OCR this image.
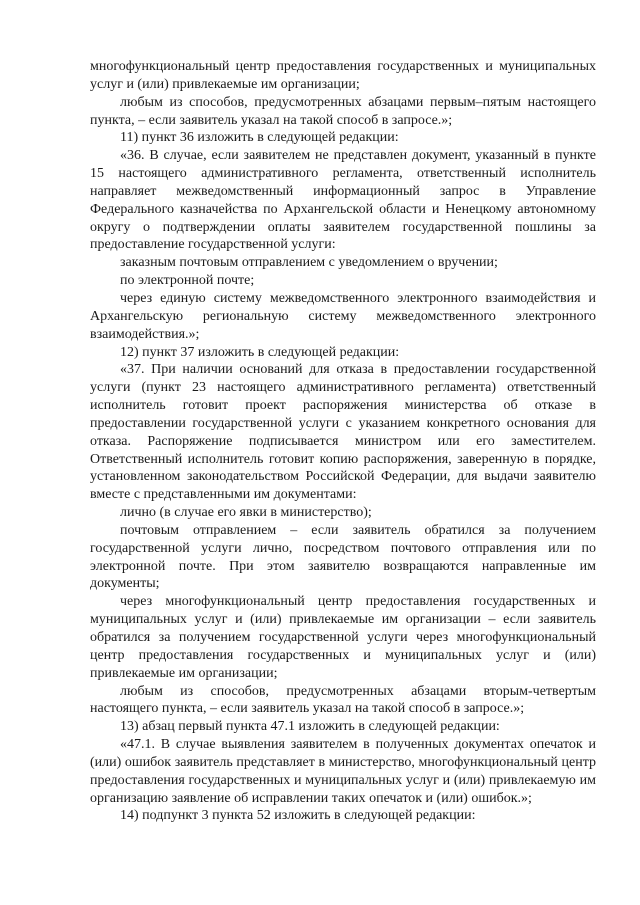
многофункциональный центр предоставления государственных и муниципальных услуг и (или) привлекаемые им организации;

любым из способов, предусмотренных абзацами первым–пятым настоящего пункта, – если заявитель указал на такой способ в запросе.»;

11) пункт 36 изложить в следующей редакции:

«36. В случае, если заявителем не представлен документ, указанный в пункте 15 настоящего административного регламента, ответственный исполнитель направляет межведомственный информационный запрос в Управление Федерального казначейства по Архангельской области и Ненецкому автономному округу о подтверждении оплаты заявителем государственной пошлины за предоставление государственной услуги:

заказным почтовым отправлением с уведомлением о вручении;

по электронной почте;

через единую систему межведомственного электронного взаимодействия и Архангельскую региональную систему межведомственного электронного взаимодействия.»;

12) пункт 37 изложить в следующей редакции:

«37. При наличии оснований для отказа в предоставлении государственной услуги (пункт 23 настоящего административного регламента) ответственный исполнитель готовит проект распоряжения министерства об отказе в предоставлении государственной услуги с указанием конкретного основания для отказа. Распоряжение подписывается министром или его заместителем. Ответственный исполнитель готовит копию распоряжения, заверенную в порядке, установленном законодательством Российской Федерации, для выдачи заявителю вместе с представленными им документами:

лично (в случае его явки в министерство);

почтовым отправлением – если заявитель обратился за получением государственной услуги лично, посредством почтового отправления или по электронной почте. При этом заявителю возвращаются направленные им документы;

через многофункциональный центр предоставления государственных и муниципальных услуг и (или) привлекаемые им организации – если заявитель обратился за получением государственной услуги через многофункциональный центр предоставления государственных и муниципальных услуг и (или) привлекаемые им организации;

любым из способов, предусмотренных абзацами вторым-четвертым настоящего пункта, – если заявитель указал на такой способ в запросе.»;

13) абзац первый пункта 47.1 изложить в следующей редакции:

«47.1. В случае выявления заявителем в полученных документах опечаток и (или) ошибок заявитель представляет в министерство, многофункциональный центр предоставления государственных и муниципальных услуг и (или) привлекаемую им организацию заявление об исправлении таких опечаток и (или) ошибок.»;

14) подпункт 3 пункта 52 изложить в следующей редакции:
